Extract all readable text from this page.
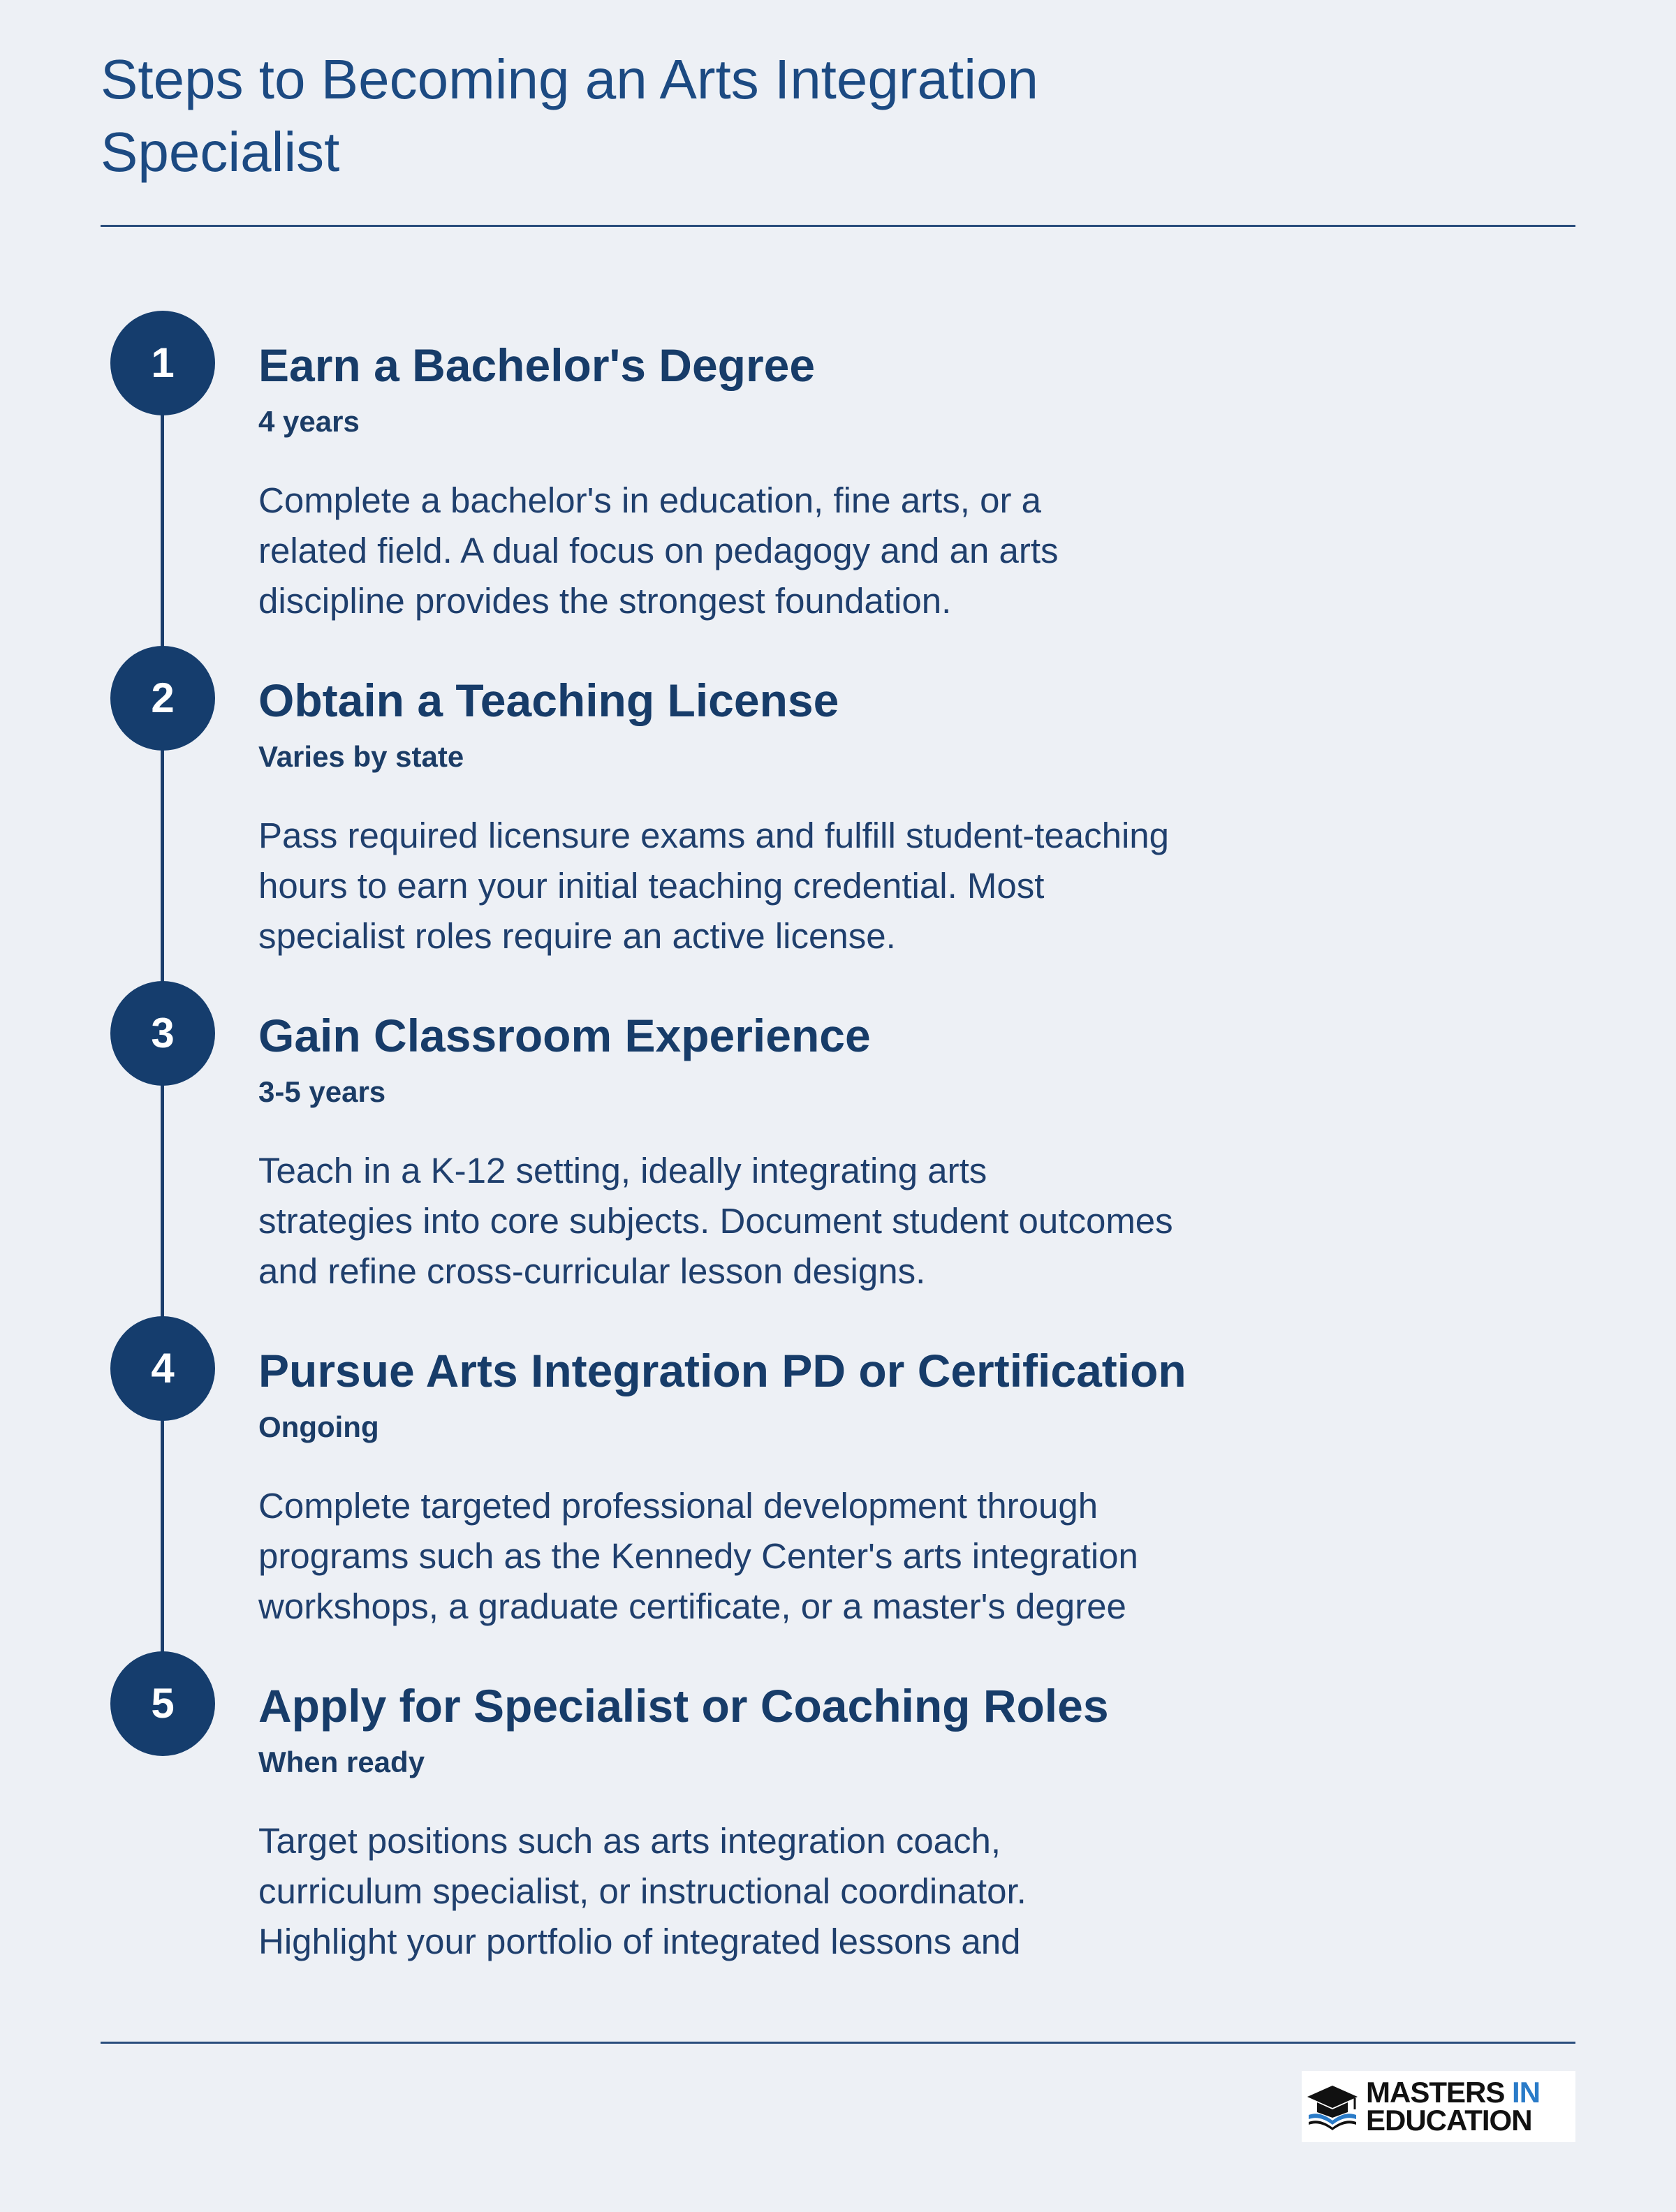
Steps to Becoming an Arts Integration Specialist
1	Earn a Bachelor's Degree
4 years

Complete a bachelor's in education, fine arts, or a
related field. A dual focus on pedagogy and an arts
discipline provides the strongest foundation.

2	Obtain a Teaching License
Varies by state

Pass required licensure exams and fulfill student-teaching
hours to earn your initial teaching credential. Most
specialist roles require an active license.

3	Gain Classroom Experience
3-5 years

Teach in a K-12 setting, ideally integrating arts
strategies into core subjects. Document student outcomes
and refine cross-curricular lesson designs.

4	Pursue Arts Integration PD or Certification
Ongoing

Complete targeted professional development through
programs such as the Kennedy Center's arts integration
workshops, a graduate certificate, or a master's degree

5	Apply for Specialist or Coaching Roles
When ready

Target positions such as arts integration coach,
curriculum specialist, or instructional coordinator.
Highlight your portfolio of integrated lessons and

MASTERS IN
EDUCATION
